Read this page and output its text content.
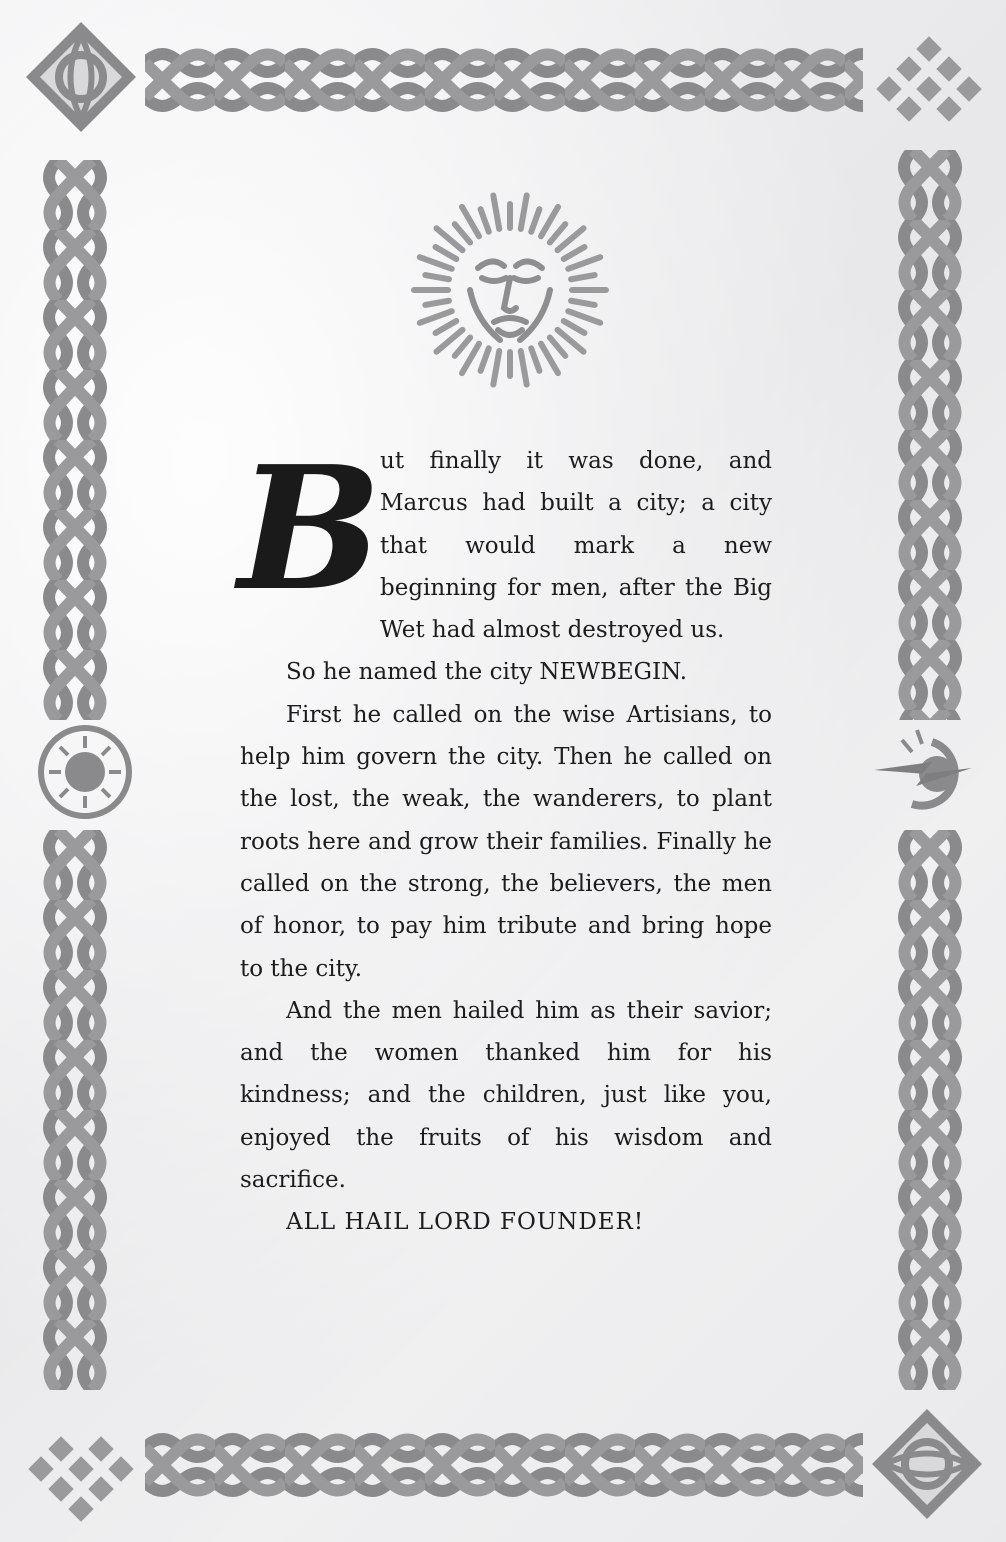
B

ut finally it was done, and Marcus had built a city; a city that would mark a new beginning for men, after the Big Wet had almost destroyed us.

So he named the city NEWBEGIN.

First he called on the wise Artisians, to help him govern the city. Then he called on the lost, the weak, the wanderers, to plant roots here and grow their families. Finally he called on the strong, the believers, the men of honor, to pay him tribute and bring hope to the city.

And the men hailed him as their savior; and the women thanked him for his kindness; and the children, just like you, enjoyed the fruits of his wisdom and sacrifice.

ALL HAIL LORD FOUNDER!
